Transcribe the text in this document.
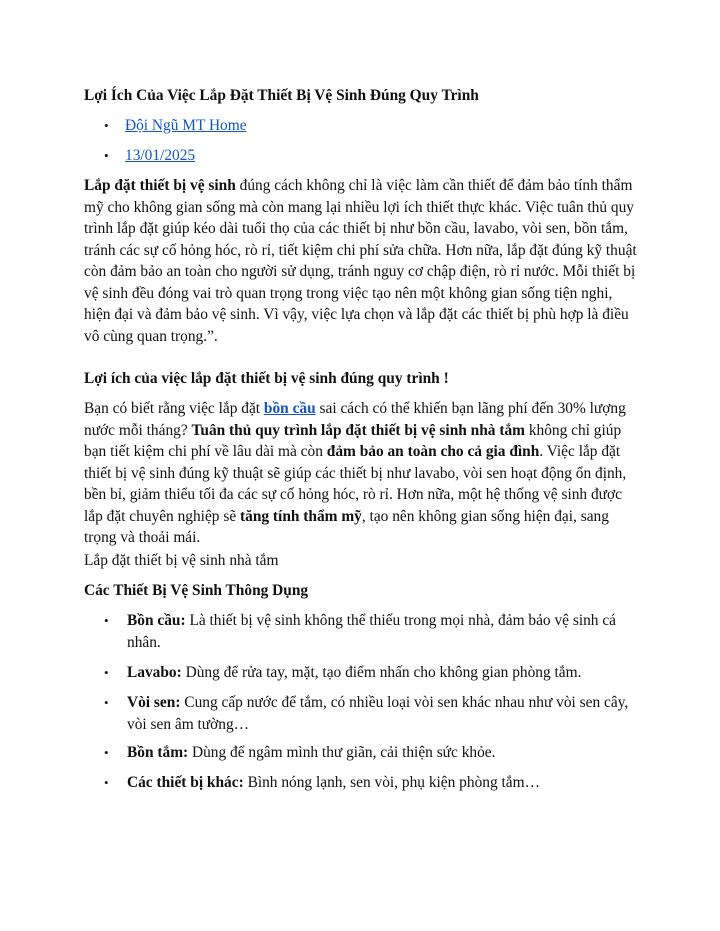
Lợi Ích Của Việc Lắp Đặt Thiết Bị Vệ Sinh Đúng Quy Trình
• Đội Ngũ MT Home
• 13/01/2025

Lắp đặt thiết bị vệ sinh đúng cách không chỉ là việc làm cần thiết để đảm bảo tính thẩm mỹ cho không gian sống mà còn mang lại nhiều lợi ích thiết thực khác. Việc tuân thủ quy trình lắp đặt giúp kéo dài tuổi thọ của các thiết bị như bồn cầu, lavabo, vòi sen, bồn tắm, tránh các sự cố hỏng hóc, rò rỉ, tiết kiệm chi phí sửa chữa. Hơn nữa, lắp đặt đúng kỹ thuật còn đảm bảo an toàn cho người sử dụng, tránh nguy cơ chập điện, rò rỉ nước. Mỗi thiết bị vệ sinh đều đóng vai trò quan trọng trong việc tạo nên một không gian sống tiện nghi, hiện đại và đảm bảo vệ sinh. Vì vậy, việc lựa chọn và lắp đặt các thiết bị phù hợp là điều vô cùng quan trọng.”.

Lợi ích của việc lắp đặt thiết bị vệ sinh đúng quy trình !

Bạn có biết rằng việc lắp đặt bồn cầu sai cách có thể khiến bạn lãng phí đến 30% lượng nước mỗi tháng? Tuân thủ quy trình lắp đặt thiết bị vệ sinh nhà tắm không chỉ giúp bạn tiết kiệm chi phí về lâu dài mà còn đảm bảo an toàn cho cả gia đình. Việc lắp đặt thiết bị vệ sinh đúng kỹ thuật sẽ giúp các thiết bị như lavabo, vòi sen hoạt động ổn định, bền bỉ, giảm thiểu tối đa các sự cố hỏng hóc, rò rỉ. Hơn nữa, một hệ thống vệ sinh được lắp đặt chuyên nghiệp sẽ tăng tính thẩm mỹ, tạo nên không gian sống hiện đại, sang trọng và thoải mái.

Lắp đặt thiết bị vệ sinh nhà tắm

Các Thiết Bị Vệ Sinh Thông Dụng

• Bồn cầu: Là thiết bị vệ sinh không thể thiếu trong mọi nhà, đảm bảo vệ sinh cá nhân.
• Lavabo: Dùng để rửa tay, mặt, tạo điểm nhấn cho không gian phòng tắm.
• Vòi sen: Cung cấp nước để tắm, có nhiều loại vòi sen khác nhau như vòi sen cây, vòi sen âm tường…
• Bồn tắm: Dùng để ngâm mình thư giãn, cải thiện sức khỏe.
• Các thiết bị khác: Bình nóng lạnh, sen vòi, phụ kiện phòng tắm…
